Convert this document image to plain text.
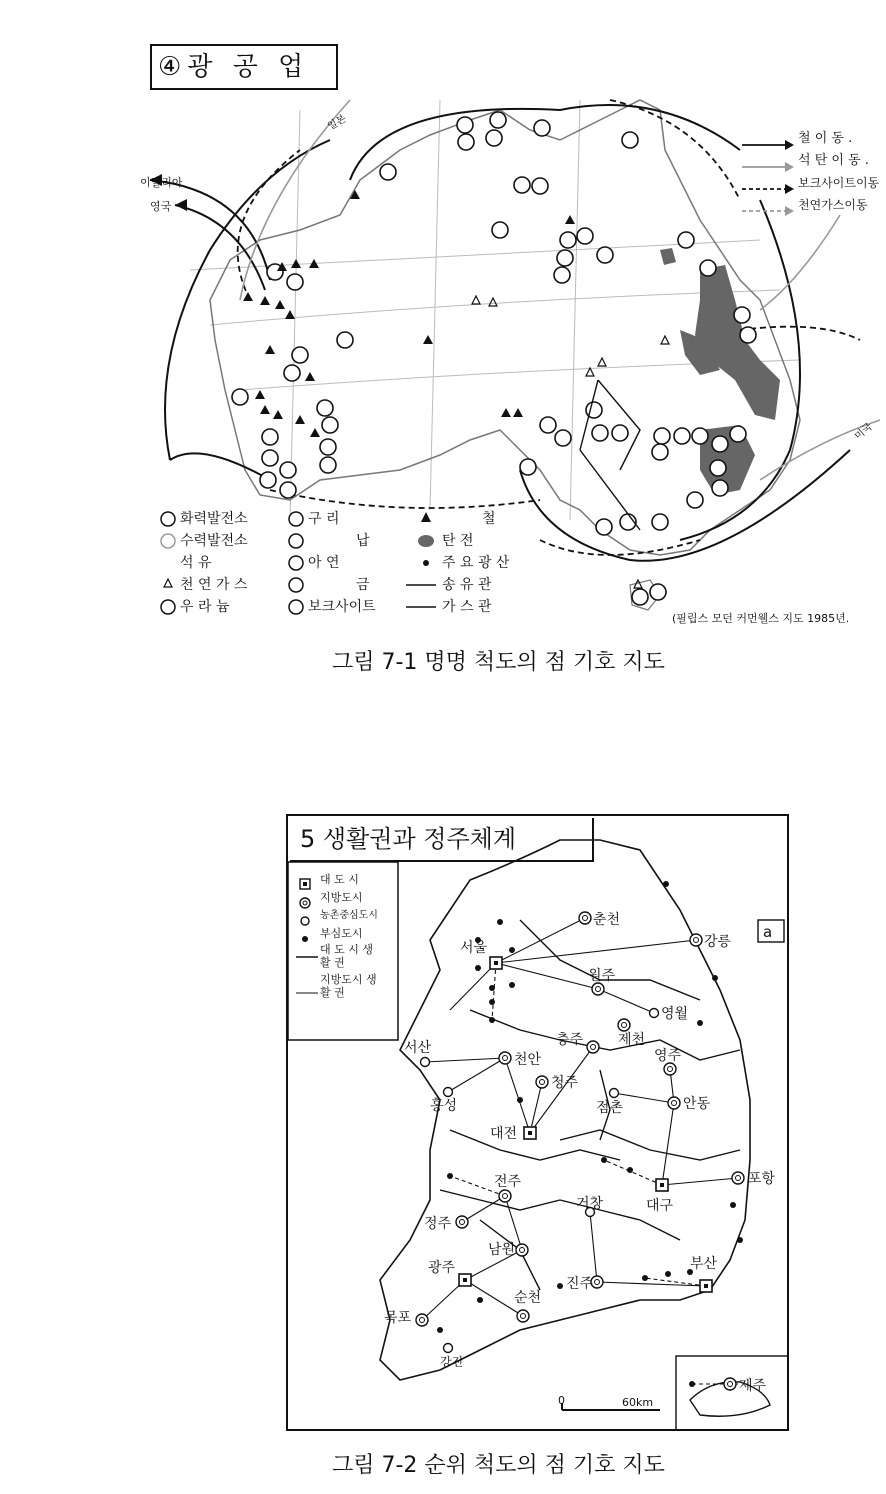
④광 공 업
이달리아
영국
일본
미국
철 이 동 .
석 탄 이 동 .
보크사이트이동
천연가스이동
화력발전소
수력발전소
석 유
천 연 가 스
우 라 늄
구 리
납
아 연
금
보크사이트
철
탄 전
주 요 광 산
송 유 관
가 스 관
(필립스 모던 커먼웰스 지도 1985년.
그림 7-1 명명 척도의 점 기호 지도
5 생활권과 정주체계
서울
춘천
강릉
원주
영월
충주 제천
영주
서산
천안
청주
홍성	점촌	안동
대전
포항
전주
거창	대구
정주
남원
광주
진주
부산
순천
목포
강진
제주
a
0	60km
대 도 시
지방도시
농촌중심도시
부심도시
대 도 시 생 활 권
지방도시 생 활 권
그림 7-2 순위 척도의 점 기호 지도
